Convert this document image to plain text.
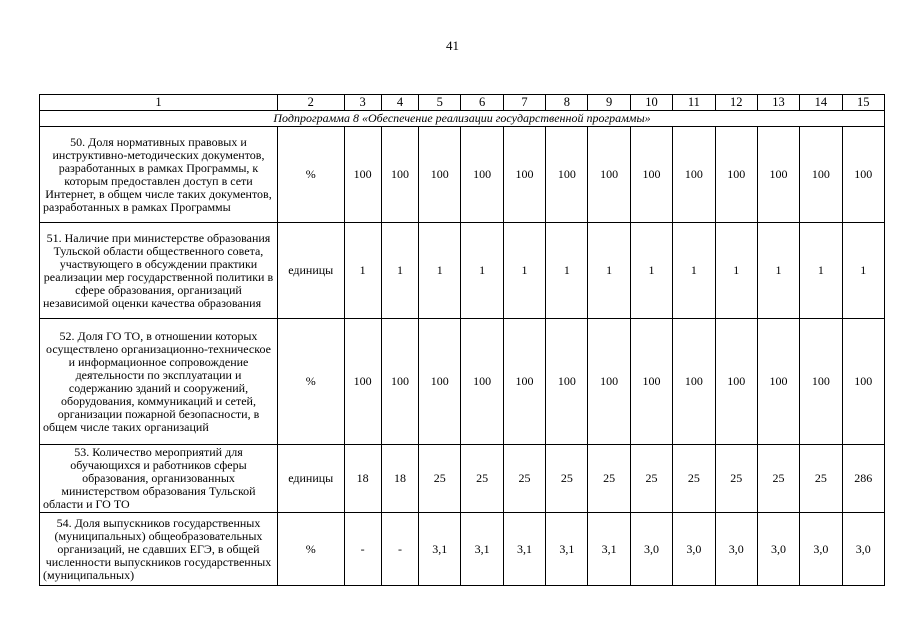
41
1	2	3	4	5	6	7	8	9	10	11	12	13	14	15
Подпрограмма 8 «Обеспечение реализации государственной программы»														
50. Доля нормативных правовых и инструктивно-методических документов, разработанных в рамках Программы, к которым предоставлен доступ в сети Интернет, в общем числе таких документов, разработанных в рамках Программы	%	100	100	100	100	100	100	100	100	100	100	100	100	100
51. Наличие при министерстве образования Тульской области общественного совета, участвующего в обсуждении практики реализации мер государственной политики в сфере образования, организаций независимой оценки качества образования	единицы	1	1	1	1	1	1	1	1	1	1	1	1	1
52. Доля ГО ТО, в отношении которых осуществлено организационно-техническое и информационное сопровождение деятельности по эксплуатации и содержанию зданий и сооружений, оборудования, коммуникаций и сетей, организации пожарной безопасности, в общем числе таких организаций	%	100	100	100	100	100	100	100	100	100	100	100	100	100
53. Количество мероприятий для обучающихся и работников сферы образования, организованных министерством образования Тульской области и ГО ТО	единицы	18	18	25	25	25	25	25	25	25	25	25	25	286
54. Доля выпускников государственных (муниципальных) общеобразовательных организаций, не сдавших ЕГЭ, в общей численности выпускников государственных (муниципальных)	%	-	-	3,1	3,1	3,1	3,1	3,1	3,0	3,0	3,0	3,0	3,0	3,0
